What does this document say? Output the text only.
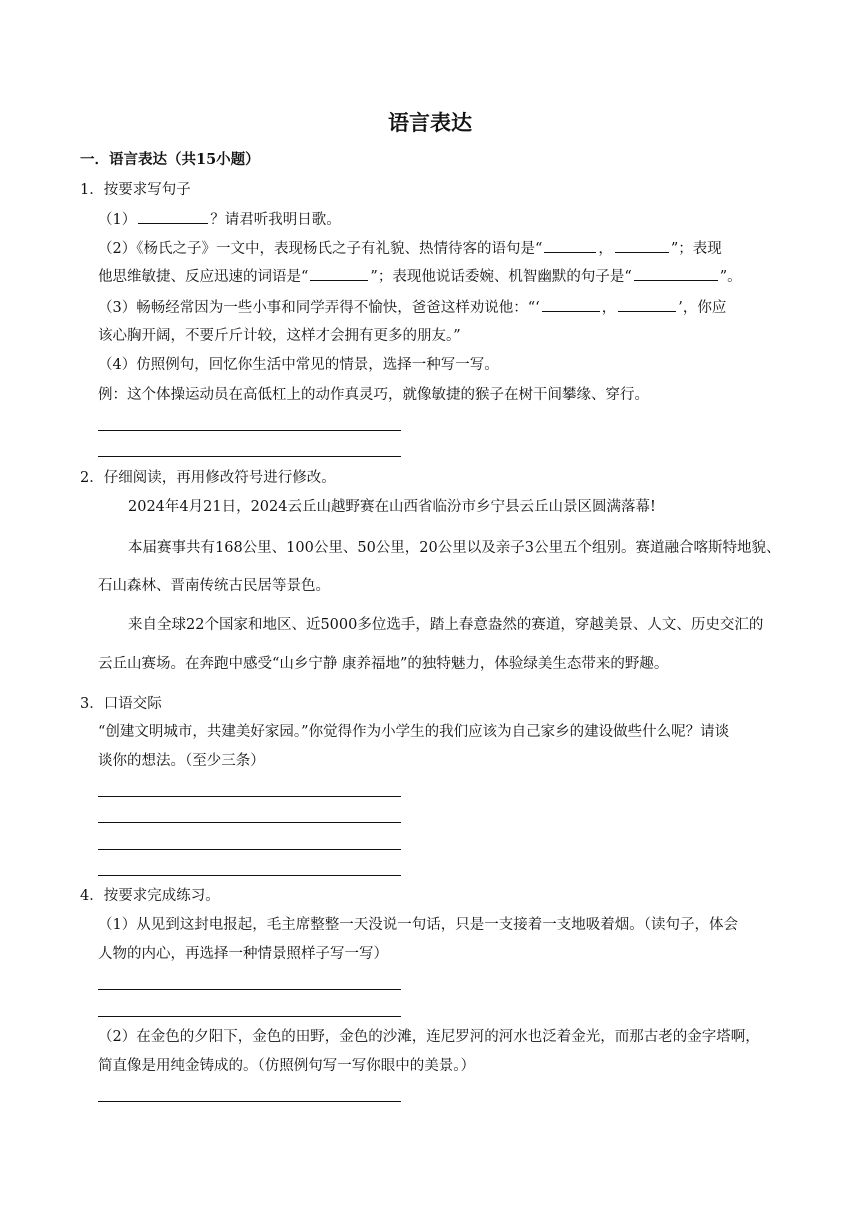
语言表达
一．语言表达（共15小题）
1．按要求写句子
（1）	？请君听我明日歌。
（2）《杨氏之子》一文中，表现杨氏之子有礼貌、热情待客的语句是“	，	”；表现
他思维敏捷、反应迅速的词语是“	”；表现他说话委婉、机智幽默的句子是“	”。
（3）畅畅经常因为一些小事和同学弄得不愉快，爸爸这样劝说他：“‘	，	’，你应
该心胸开阔，不要斤斤计较，这样才会拥有更多的朋友。”
（4）仿照例句，回忆你生活中常见的情景，选择一种写一写。
例：这个体操运动员在高低杠上的动作真灵巧，就像敏捷的猴子在树干间攀缘、穿行。
2．仔细阅读，再用修改符号进行修改。
2024年4月21日，2024云丘山越野赛在山西省临汾市乡宁县云丘山景区圆满落幕!
本届赛事共有168公里、100公里、50公里，20公里以及亲子3公里五个组别。赛道融合喀斯特地貌、
石山森林、晋南传统古民居等景色。
来自全球22个国家和地区、近5000多位选手，踏上春意盎然的赛道，穿越美景、人文、历史交汇的
云丘山赛场。在奔跑中感受“山乡宁静 康养福地”的独特魅力，体验绿美生态带来的野趣。
3．口语交际
“创建文明城市，共建美好家园。”你觉得作为小学生的我们应该为自己家乡的建设做些什么呢？请谈
谈你的想法。（至少三条）
4．按要求完成练习。
（1）从见到这封电报起，毛主席整整一天没说一句话，只是一支接着一支地吸着烟。（读句子，体会
人物的内心，再选择一种情景照样子写一写）
（2）在金色的夕阳下，金色的田野，金色的沙滩，连尼罗河的河水也泛着金光，而那古老的金字塔啊，
简直像是用纯金铸成的。（仿照例句写一写你眼中的美景。）
